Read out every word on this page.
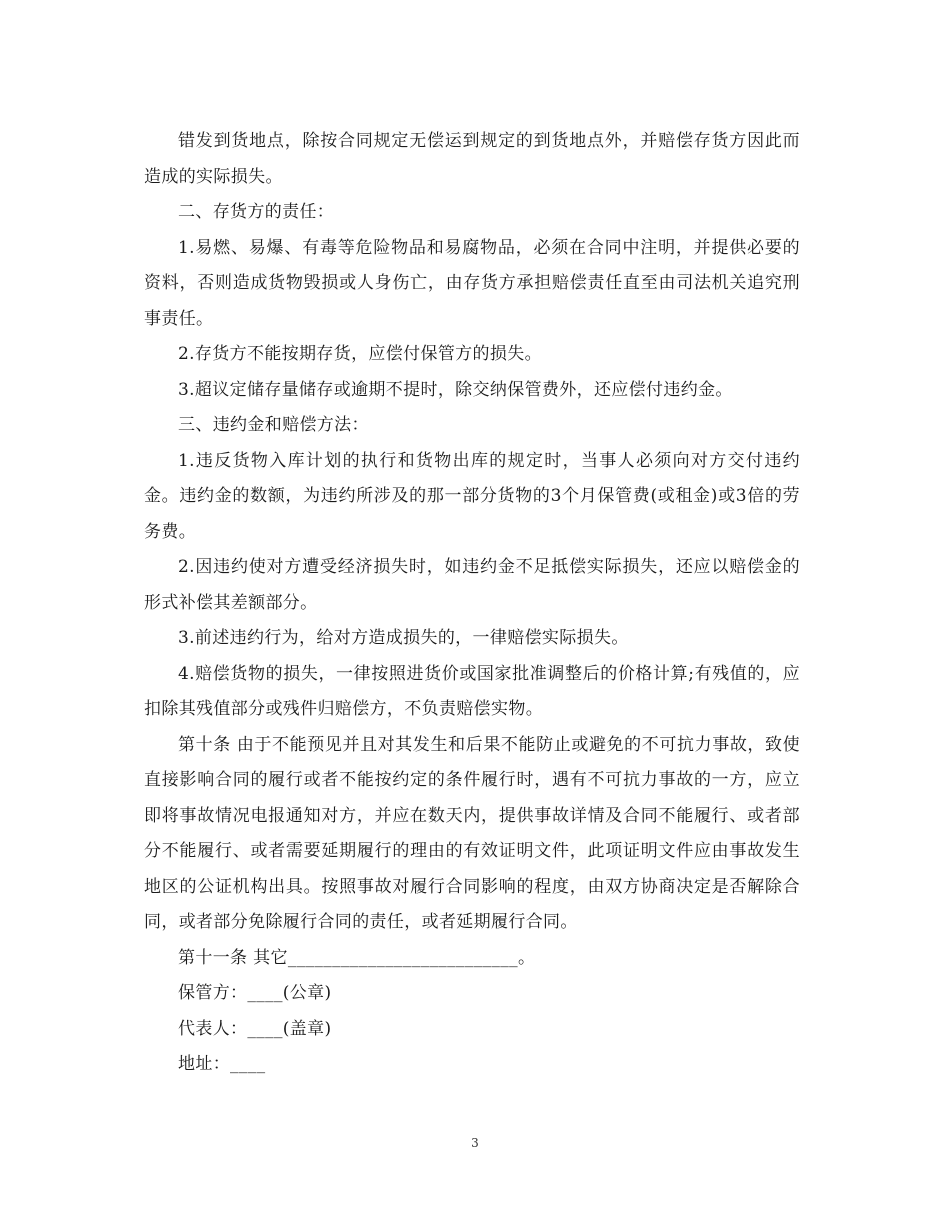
错发到货地点，除按合同规定无偿运到规定的到货地点外，并赔偿存货方因此而造成的实际损失。

二、存货方的责任：

1.易燃、易爆、有毒等危险物品和易腐物品，必须在合同中注明，并提供必要的资料，否则造成货物毁损或人身伤亡，由存货方承担赔偿责任直至由司法机关追究刑事责任。

2.存货方不能按期存货，应偿付保管方的损失。

3.超议定储存量储存或逾期不提时，除交纳保管费外，还应偿付违约金。

三、违约金和赔偿方法：

1.违反货物入库计划的执行和货物出库的规定时，当事人必须向对方交付违约金。违约金的数额，为违约所涉及的那一部分货物的3个月保管费(或租金)或3倍的劳务费。

2.因违约使对方遭受经济损失时，如违约金不足抵偿实际损失，还应以赔偿金的形式补偿其差额部分。

3.前述违约行为，给对方造成损失的，一律赔偿实际损失。

4.赔偿货物的损失，一律按照进货价或国家批准调整后的价格计算;有残值的，应扣除其残值部分或残件归赔偿方，不负责赔偿实物。

第十条 由于不能预见并且对其发生和后果不能防止或避免的不可抗力事故，致使直接影响合同的履行或者不能按约定的条件履行时，遇有不可抗力事故的一方，应立即将事故情况电报通知对方，并应在数天内，提供事故详情及合同不能履行、或者部分不能履行、或者需要延期履行的理由的有效证明文件，此项证明文件应由事故发生地区的公证机构出具。按照事故对履行合同影响的程度，由双方协商决定是否解除合同，或者部分免除履行合同的责任，或者延期履行合同。

第十一条 其它__________________________。

保管方：____(公章)

代表人：____(盖章)

地址：____

3
